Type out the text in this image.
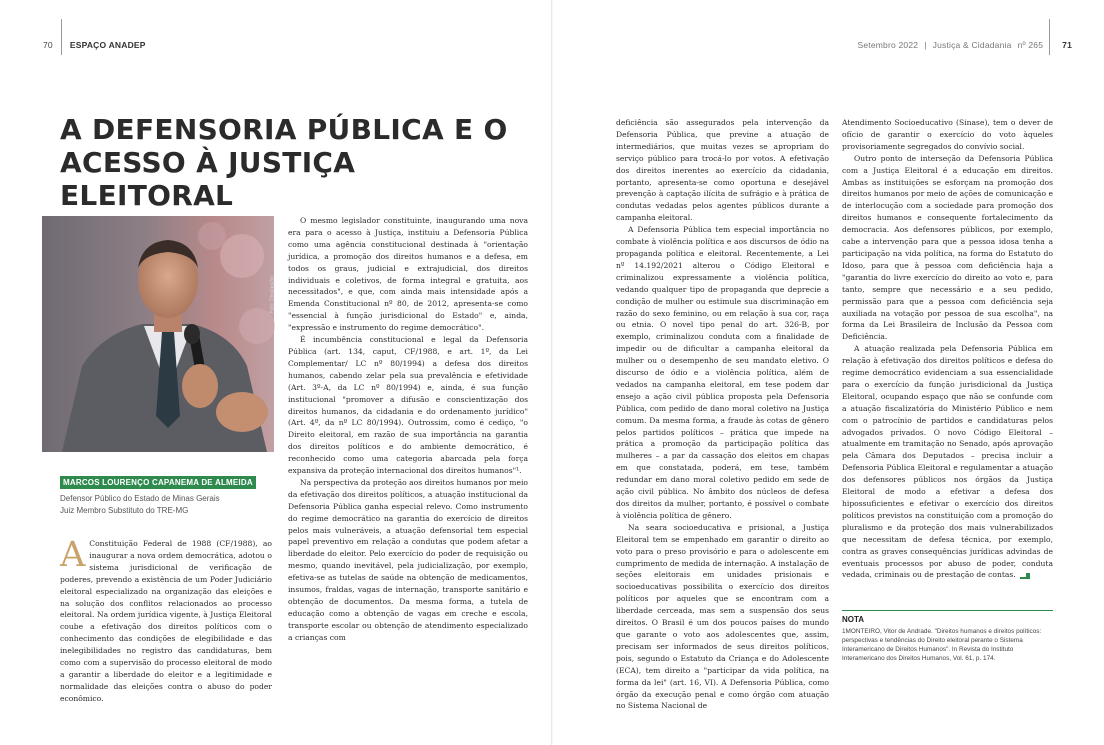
70 ESPAÇO ANADEP	Setembro 2022 | Justiça & Cidadania nº 265 71
A DEFENSORIA PÚBLICA E O
ACESSO À JUSTIÇA ELEITORAL
Foto: Divulgação
MARCOS LOURENÇO CAPANEMA DE ALMEIDA
Defensor Público do Estado de Minas Gerais
Juiz Membro Substituto do TRE-MG

A Constituição Federal de 1988 (CF/1988), ao inaugurar a nova ordem democrática, adotou o sistema jurisdicional de verificação de poderes, prevendo a existência de um Poder Judiciário eleitoral especializado na organização das eleições e na solução dos conflitos relacionados ao processo eleitoral. Na ordem jurídica vigente, à Justiça Eleitoral coube a efetivação dos direitos políticos com o conhecimento das condições de elegibilidade e das inelegibilidades no registro das candidaturas, bem como com a supervisão do processo eleitoral de modo a garantir a liberdade do eleitor e a legitimidade e normalidade das eleições contra o abuso do poder econômico.

O mesmo legislador constituinte, inaugurando uma nova era para o acesso à Justiça, instituiu a Defensoria Pública como uma agência constitucional destinada à "orientação jurídica, a promoção dos direitos humanos e a defesa, em todos os graus, judicial e extrajudicial, dos direitos individuais e coletivos, de forma integral e gratuita, aos necessitados", e que, com ainda mais intensidade após a Emenda Constitucional nº 80, de 2012, apresenta-se como "essencial à função jurisdicional do Estado" e, ainda, "expressão e instrumento do regime democrático".

É incumbência constitucional e legal da Defensoria Pública (art. 134, caput, CF/1988, e art. 1º, da Lei Complementar/ LC nº 80/1994) a defesa dos direitos humanos, cabendo zelar pela sua prevalência e efetividade (Art. 3º-A, da LC nº 80/1994) e, ainda, é sua função institucional "promover a difusão e conscientização dos direitos humanos, da cidadania e do ordenamento jurídico" (Art. 4º, da nº LC 80/1994). Outrossim, como é cediço, "o Direito eleitoral, em razão de sua importância na garantia dos direitos políticos e do ambiente democrático, é reconhecido como uma categoria abarcada pela força expansiva da proteção internacional dos direitos humanos"¹.

Na perspectiva da proteção aos direitos humanos por meio da efetivação dos direitos políticos, a atuação institucional da Defensoria Pública ganha especial relevo. Como instrumento do regime democrático na garantia do exercício de direitos pelos mais vulneráveis, a atuação defensorial tem especial papel preventivo em relação a condutas que podem afetar a liberdade do eleitor. Pelo exercício do poder de requisição ou mesmo, quando inevitável, pela judicialização, por exemplo, efetiva-se as tutelas de saúde na obtenção de medicamentos, insumos, fraldas, vagas de internação, transporte sanitário e obtenção de documentos. Da mesma forma, a tutela de educação como a obtenção de vagas em creche e escola, transporte escolar ou obtenção de atendimento especializado a crianças com

deficiência são assegurados pela intervenção da Defensoria Pública, que previne a atuação de intermediários, que muitas vezes se apropriam do serviço público para trocá-lo por votos. A efetivação dos direitos inerentes ao exercício da cidadania, portanto, apresenta-se como oportuna e desejável prevenção à captação ilícita de sufrágio e à prática de condutas vedadas pelos agentes públicos durante a campanha eleitoral.

A Defensoria Pública tem especial importância no combate à violência política e aos discursos de ódio na propaganda política e eleitoral. Recentemente, a Lei nº 14.192/2021 alterou o Código Eleitoral e criminalizou expressamente a violência política, vedando qualquer tipo de propaganda que deprecie a condição de mulher ou estimule sua discriminação em razão do sexo feminino, ou em relação à sua cor, raça ou etnia. O novel tipo penal do art. 326-B, por exemplo, criminalizou conduta com a finalidade de impedir ou de dificultar a campanha eleitoral da mulher ou o desempenho de seu mandato eletivo. O discurso de ódio e a violência política, além de vedados na campanha eleitoral, em tese podem dar ensejo a ação civil pública proposta pela Defensoria Pública, com pedido de dano moral coletivo na Justiça comum. Da mesma forma, a fraude às cotas de gênero pelos partidos políticos – prática que impede na prática a promoção da participação política das mulheres – a par da cassação dos eleitos em chapas em que constatada, poderá, em tese, também redundar em dano moral coletivo pedido em sede de ação civil pública. No âmbito dos núcleos de defesa dos direitos da mulher, portanto, é possível o combate à violência política de gênero.

Na seara socioeducativa e prisional, a Justiça Eleitoral tem se empenhado em garantir o direito ao voto para o preso provisório e para o adolescente em cumprimento de medida de internação. A instalação de seções eleitorais em unidades prisionais e socioeducativas possibilita o exercício dos direitos políticos por aqueles que se encontram com a liberdade cerceada, mas sem a suspensão dos seus direitos. O Brasil é um dos poucos países do mundo que garante o voto aos adolescentes que, assim, precisam ser informados de seus direitos políticos, pois, segundo o Estatuto da Criança e do Adolescente (ECA), tem direito a "participar da vida política, na forma da lei" (art. 16, VI). A Defensoria Pública, como órgão da execução penal e como órgão com atuação no Sistema Nacional de

Atendimento Socioeducativo (Sinase), tem o dever de ofício de garantir o exercício do voto àqueles provisoriamente segregados do convívio social.

Outro ponto de interseção da Defensoria Pública com a Justiça Eleitoral é a educação em direitos. Ambas as instituições se esforçam na promoção dos direitos humanos por meio de ações de comunicação e de interlocução com a sociedade para promoção dos direitos humanos e consequente fortalecimento da democracia. Aos defensores públicos, por exemplo, cabe a intervenção para que a pessoa idosa tenha a participação na vida política, na forma do Estatuto do Idoso, para que à pessoa com deficiência haja a "garantia do livre exercício do direito ao voto e, para tanto, sempre que necessário e a seu pedido, permissão para que a pessoa com deficiência seja auxiliada na votação por pessoa de sua escolha", na forma da Lei Brasileira de Inclusão da Pessoa com Deficiência.

A atuação realizada pela Defensoria Pública em relação à efetivação dos direitos políticos e defesa do regime democrático evidenciam a sua essencialidade para o exercício da função jurisdicional da Justiça Eleitoral, ocupando espaço que não se confunde com a atuação fiscalizatória do Ministério Público e nem com o patrocínio de partidos e candidaturas pelos advogados privados. O novo Código Eleitoral – atualmente em tramitação no Senado, após aprovação pela Câmara dos Deputados – precisa incluir a Defensoria Pública Eleitoral e regulamentar a atuação dos defensores públicos nos órgãos da Justiça Eleitoral de modo a efetivar a defesa dos hipossuficientes e efetivar o exercício dos direitos políticos previstos na constituição com a promoção do pluralismo e da proteção dos mais vulnerabilizados que necessitam de defesa técnica, por exemplo, contra as graves consequências jurídicas advindas de eventuais processos por abuso de poder, conduta vedada, criminais ou de prestação de contas.

NOTA
1MONTEIRO, Vitor de Andrade. "Direitos humanos e direitos políticos: perspectivas e tendências do Direito eleitoral perante o Sistema Interamericano de Direitos Humanos". In Revista do Instituto Interamericano dos Direitos Humanos, Vol. 61, p. 174.
